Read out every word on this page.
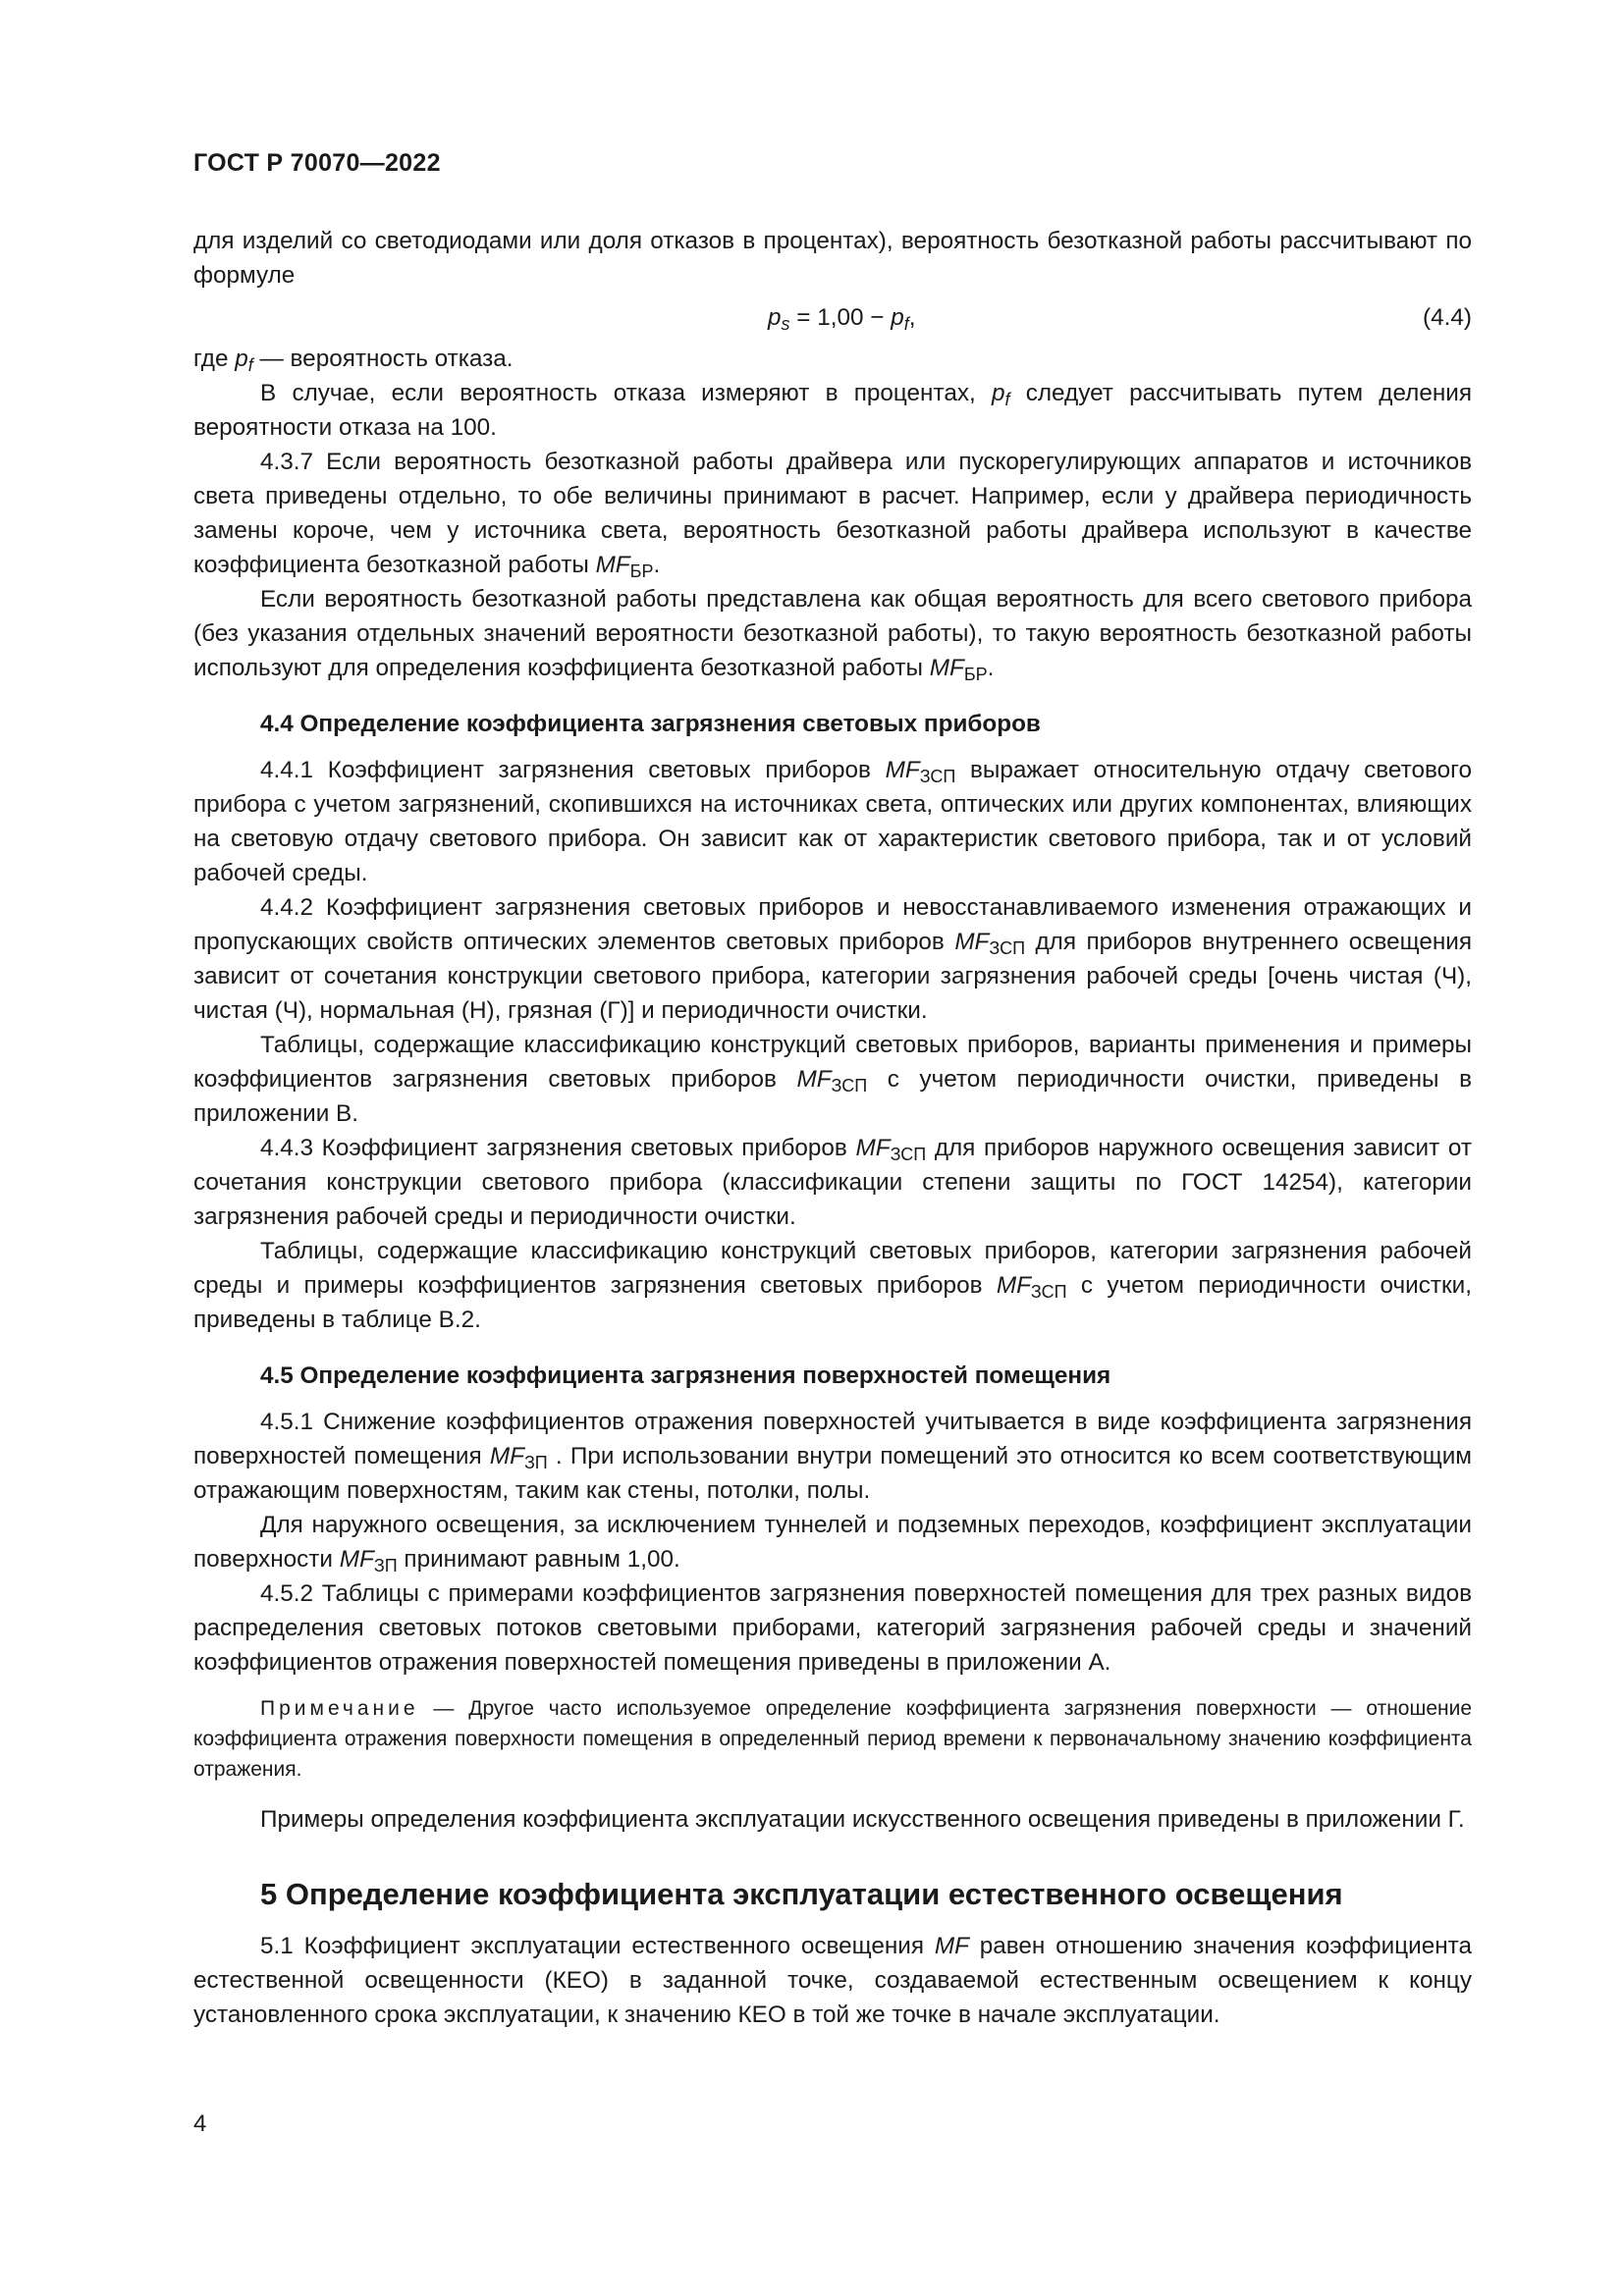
ГОСТ Р 70070—2022

для изделий со светодиодами или доля отказов в процентах), вероятность безотказной работы рассчитывают по формуле

$p_s = 1,00 - p_f$,	(4.4)

где $p_f$ — вероятность отказа.

В случае, если вероятность отказа измеряют в процентах, $p_f$ следует рассчитывать путем деления вероятности отказа на 100.

4.3.7 Если вероятность безотказной работы драйвера или пускорегулирующих аппаратов и источников света приведены отдельно, то обе величины принимают в расчет. Например, если у драйвера периодичность замены короче, чем у источника света, вероятность безотказной работы драйвера используют в качестве коэффициента безотказной работы $MF_{БР}$.

Если вероятность безотказной работы представлена как общая вероятность для всего светового прибора (без указания отдельных значений вероятности безотказной работы), то такую вероятность безотказной работы используют для определения коэффициента безотказной работы $MF_{БР}$.

4.4 Определение коэффициента загрязнения световых приборов

4.4.1 Коэффициент загрязнения световых приборов $MF_{ЗСП}$ выражает относительную отдачу светового прибора с учетом загрязнений, скопившихся на источниках света, оптических или других компонентах, влияющих на световую отдачу светового прибора. Он зависит как от характеристик светового прибора, так и от условий рабочей среды.

4.4.2 Коэффициент загрязнения световых приборов и невосстанавливаемого изменения отражающих и пропускающих свойств оптических элементов световых приборов $MF_{ЗСП}$ для приборов внутреннего освещения зависит от сочетания конструкции светового прибора, категории загрязнения рабочей среды [очень чистая (Ч), чистая (Ч), нормальная (Н), грязная (Г)] и периодичности очистки.

Таблицы, содержащие классификацию конструкций световых приборов, варианты применения и примеры коэффициентов загрязнения световых приборов $MF_{ЗСП}$ с учетом периодичности очистки, приведены в приложении В.

4.4.3 Коэффициент загрязнения световых приборов $MF_{ЗСП}$ для приборов наружного освещения зависит от сочетания конструкции светового прибора (классификации степени защиты по ГОСТ 14254), категории загрязнения рабочей среды и периодичности очистки.

Таблицы, содержащие классификацию конструкций световых приборов, категории загрязнения рабочей среды и примеры коэффициентов загрязнения световых приборов $MF_{ЗСП}$ с учетом периодичности очистки, приведены в таблице В.2.

4.5 Определение коэффициента загрязнения поверхностей помещения

4.5.1 Снижение коэффициентов отражения поверхностей учитывается в виде коэффициента загрязнения поверхностей помещения $MF_{ЗП}$ . При использовании внутри помещений это относится ко всем соответствующим отражающим поверхностям, таким как стены, потолки, полы.

Для наружного освещения, за исключением туннелей и подземных переходов, коэффициент эксплуатации поверхности $MF_{ЗП}$ принимают равным 1,00.

4.5.2 Таблицы с примерами коэффициентов загрязнения поверхностей помещения для трех разных видов распределения световых потоков световыми приборами, категорий загрязнения рабочей среды и значений коэффициентов отражения поверхностей помещения приведены в приложении А.

Примечание — Другое часто используемое определение коэффициента загрязнения поверхности — отношение коэффициента отражения поверхности помещения в определенный период времени к первоначальному значению коэффициента отражения.

Примеры определения коэффициента эксплуатации искусственного освещения приведены в приложении Г.

5 Определение коэффициента эксплуатации естественного освещения

5.1 Коэффициент эксплуатации естественного освещения MF равен отношению значения коэффициента естественной освещенности (КЕО) в заданной точке, создаваемой естественным освещением к концу установленного срока эксплуатации, к значению КЕО в той же точке в начале эксплуатации.

4
